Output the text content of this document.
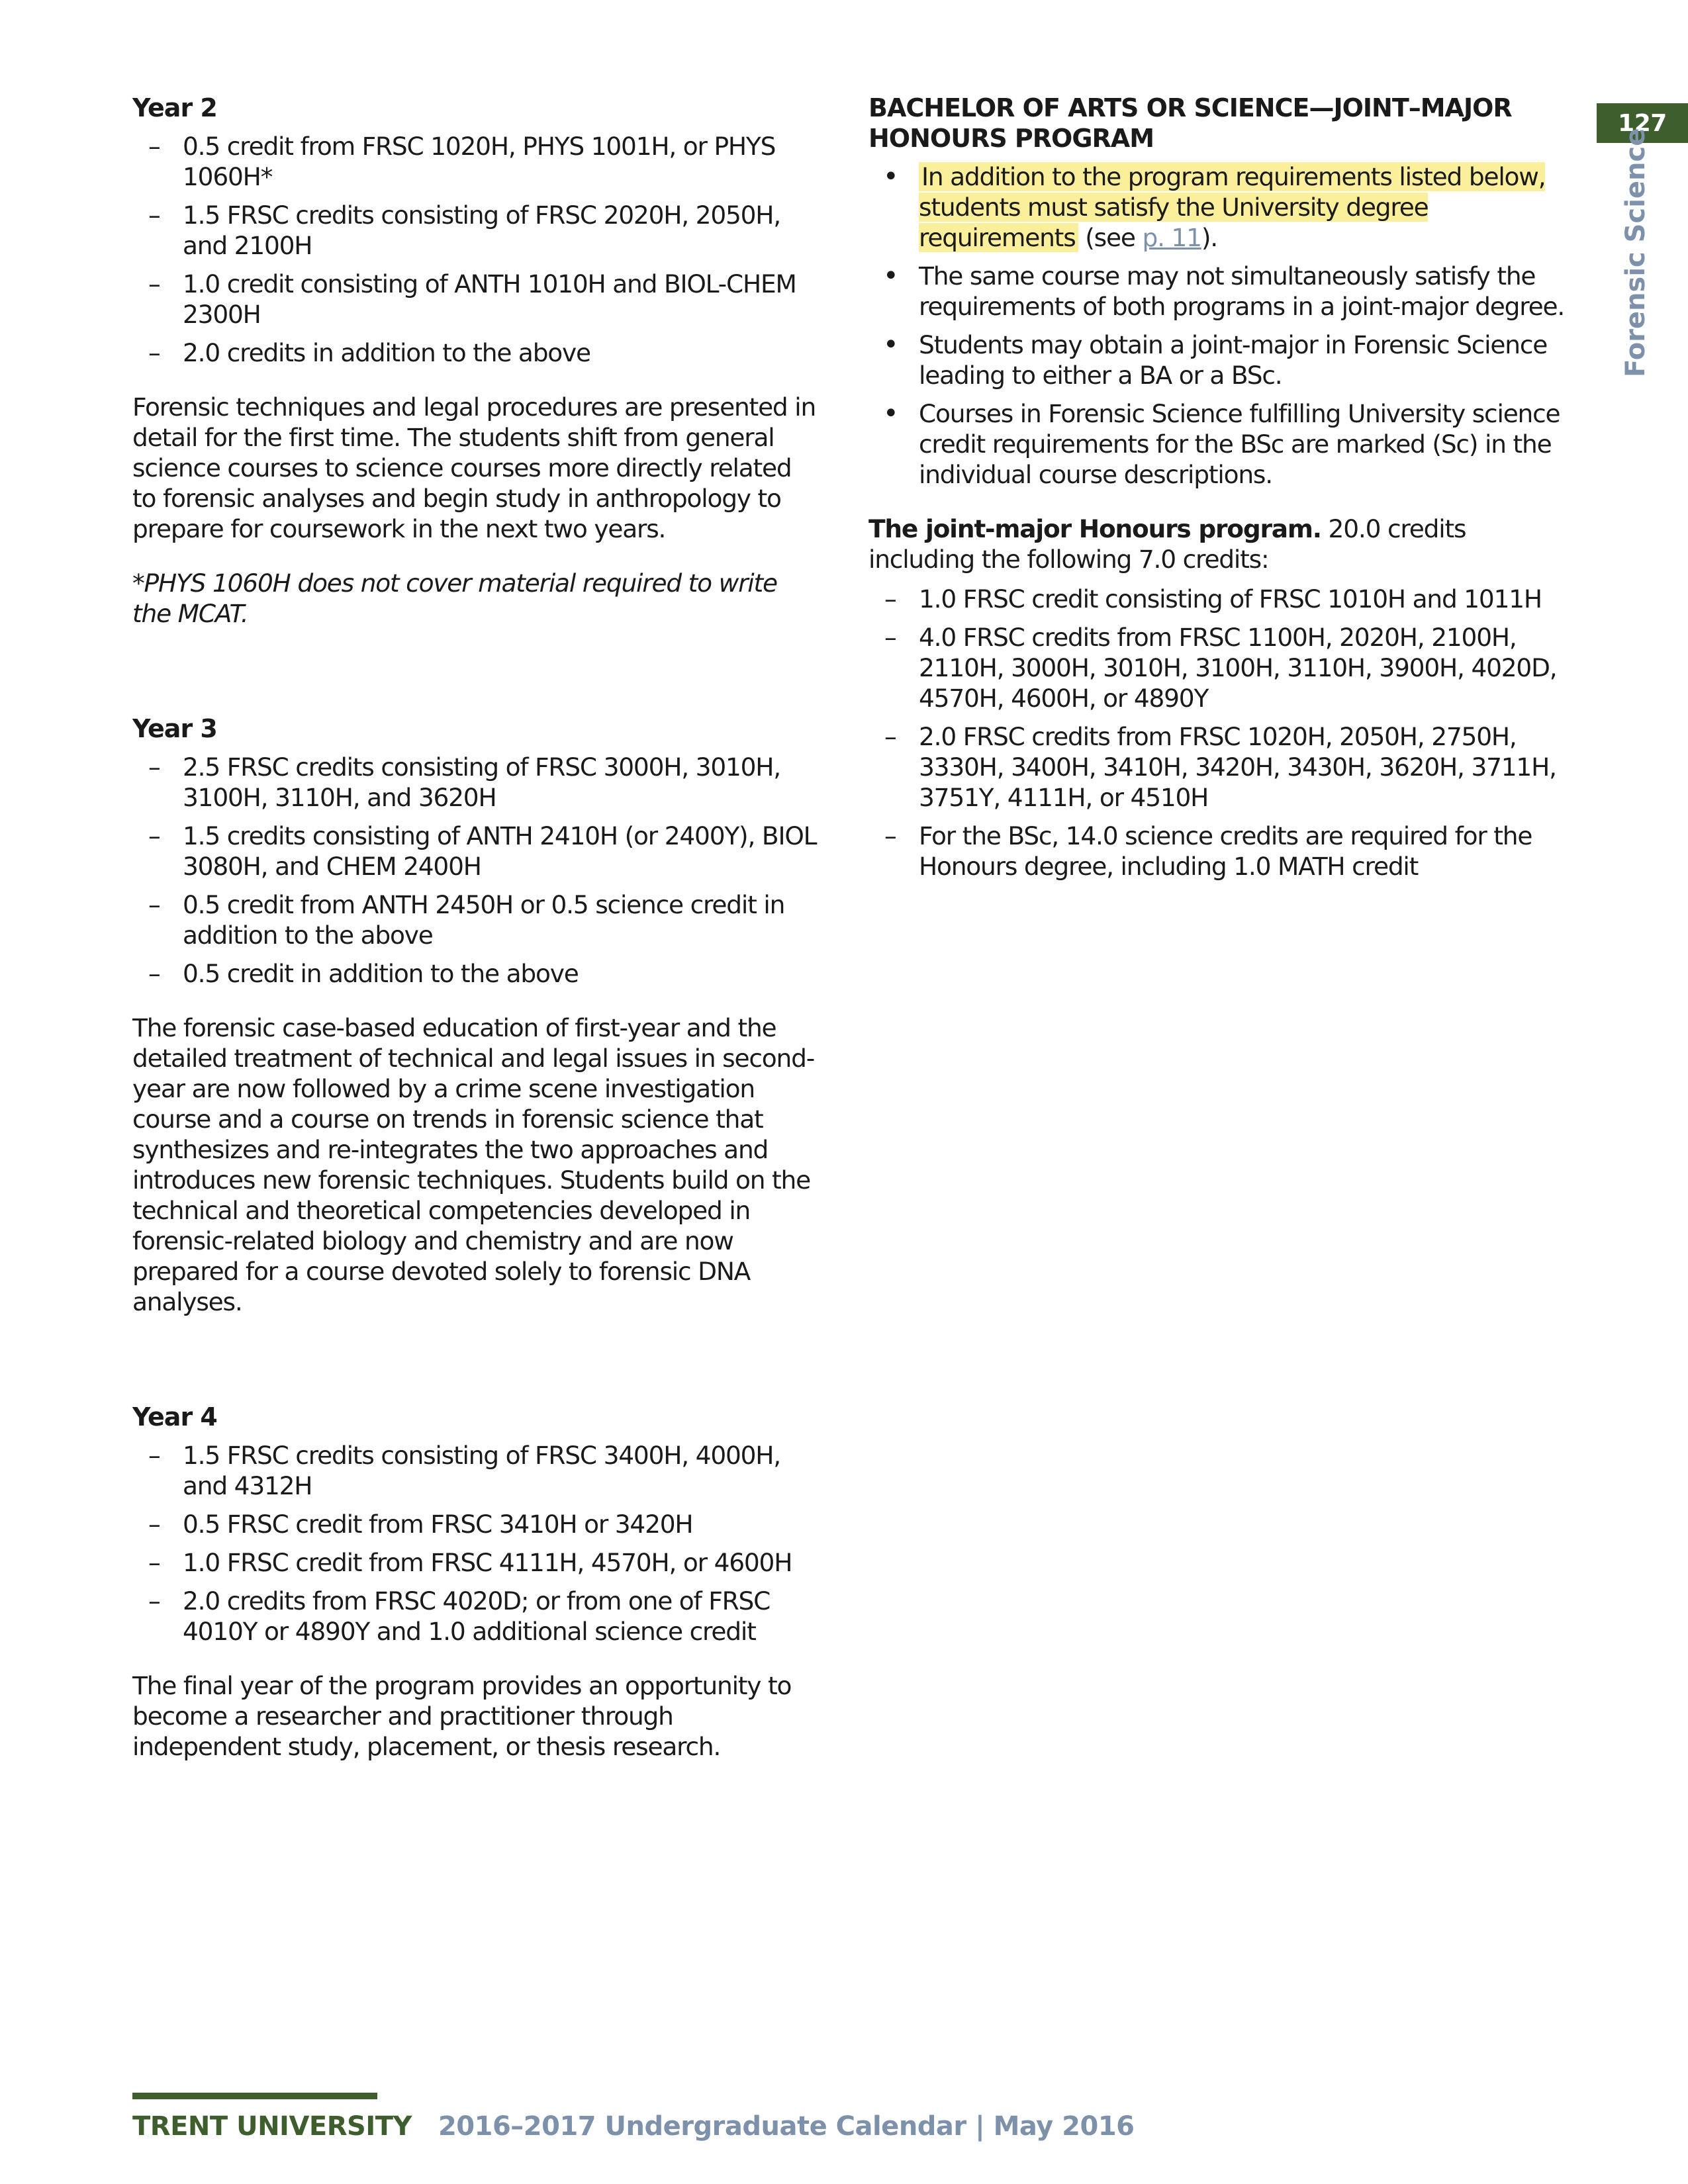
Year 2
– 0.5 credit from FRSC 1020H, PHYS 1001H, or PHYS 1060H*
– 1.5 FRSC credits consisting of FRSC 2020H, 2050H, and 2100H
– 1.0 credit consisting of ANTH 1010H and BIOL-CHEM 2300H
– 2.0 credits in addition to the above

Forensic techniques and legal procedures are presented in detail for the first time. The students shift from general science courses to science courses more directly related to forensic analyses and begin study in anthropology to prepare for coursework in the next two years.

*PHYS 1060H does not cover material required to write the MCAT.

Year 3
– 2.5 FRSC credits consisting of FRSC 3000H, 3010H, 3100H, 3110H, and 3620H
– 1.5 credits consisting of ANTH 2410H (or 2400Y), BIOL 3080H, and CHEM 2400H
– 0.5 credit from ANTH 2450H or 0.5 science credit in addition to the above
– 0.5 credit in addition to the above

The forensic case-based education of first-year and the detailed treatment of technical and legal issues in second-year are now followed by a crime scene investigation course and a course on trends in forensic science that synthesizes and re-integrates the two approaches and introduces new forensic techniques. Students build on the technical and theoretical competencies developed in forensic-related biology and chemistry and are now prepared for a course devoted solely to forensic DNA analyses.

Year 4
– 1.5 FRSC credits consisting of FRSC 3400H, 4000H, and 4312H
– 0.5 FRSC credit from FRSC 3410H or 3420H
– 1.0 FRSC credit from FRSC 4111H, 4570H, or 4600H
– 2.0 credits from FRSC 4020D; or from one of FRSC 4010Y or 4890Y and 1.0 additional science credit

The final year of the program provides an opportunity to become a researcher and practitioner through independent study, placement, or thesis research.

BACHELOR OF ARTS OR SCIENCE—JOINT–MAJOR HONOURS PROGRAM
• In addition to the program requirements listed below, students must satisfy the University degree requirements (see p. 11).
• The same course may not simultaneously satisfy the requirements of both programs in a joint-major degree.
• Students may obtain a joint-major in Forensic Science leading to either a BA or a BSc.
• Courses in Forensic Science fulfilling University science credit requirements for the BSc are marked (Sc) in the individual course descriptions.

The joint-major Honours program. 20.0 credits including the following 7.0 credits:

– 1.0 FRSC credit consisting of FRSC 1010H and 1011H
– 4.0 FRSC credits from FRSC 1100H, 2020H, 2100H, 2110H, 3000H, 3010H, 3100H, 3110H, 3900H, 4020D, 4570H, 4600H, or 4890Y
– 2.0 FRSC credits from FRSC 1020H, 2050H, 2750H, 3330H, 3400H, 3410H, 3420H, 3430H, 3620H, 3711H, 3751Y, 4111H, or 4510H
– For the BSc, 14.0 science credits are required for the Honours degree, including 1.0 MATH credit
127
Forensic Science
TRENT UNIVERSITY 2016–2017 Undergraduate Calendar | May 2016
